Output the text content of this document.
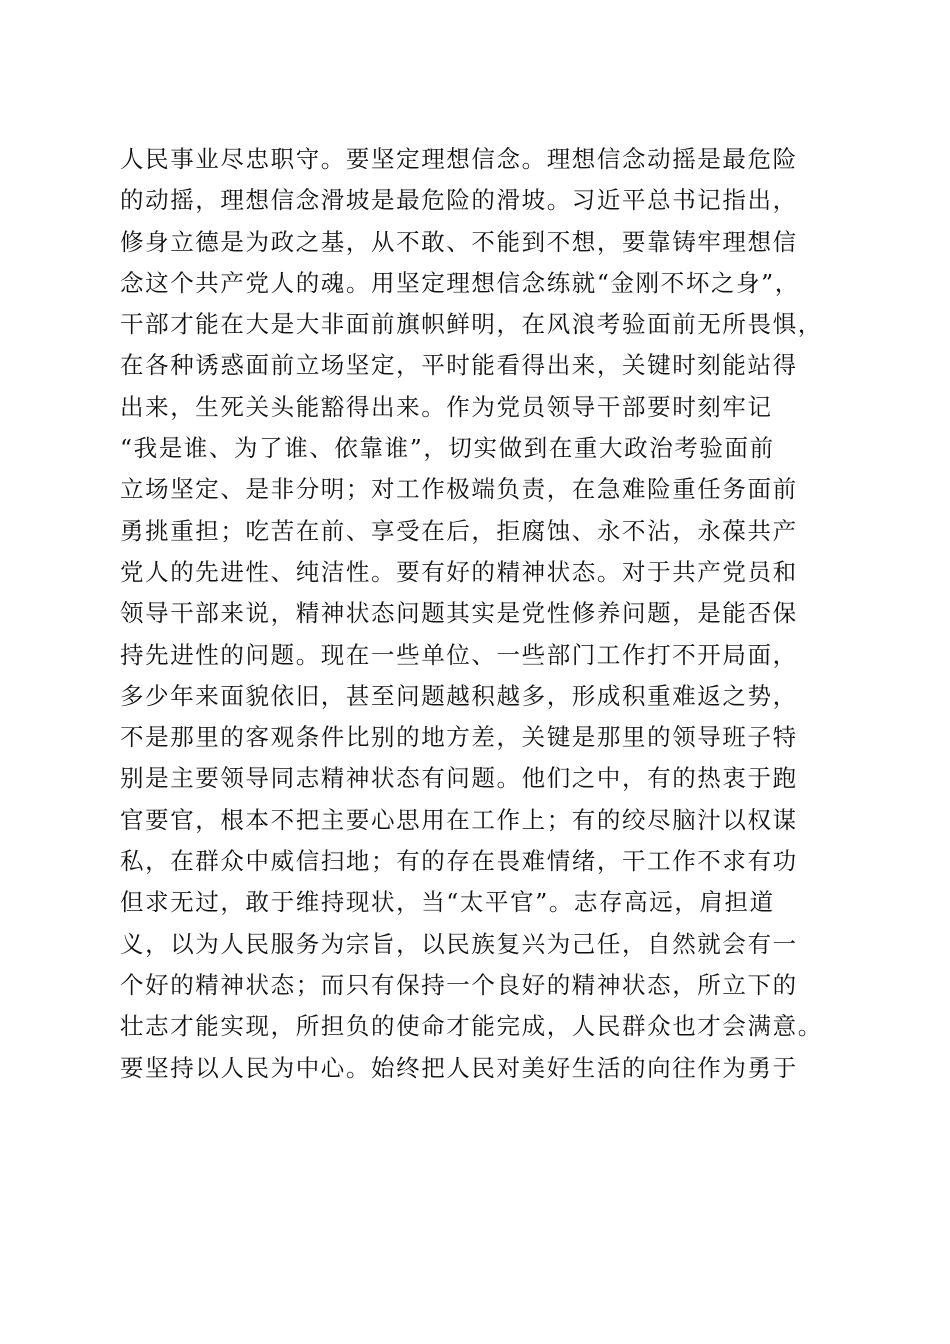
人民事业尽忠职守。要坚定理想信念。理想信念动摇是最危险
的动摇，理想信念滑坡是最危险的滑坡。习近平总书记指出，
修身立德是为政之基，从不敢、不能到不想，要靠铸牢理想信
念这个共产党人的魂。用坚定理想信念练就“金刚不坏之身”，
干部才能在大是大非面前旗帜鲜明，在风浪考验面前无所畏惧，
在各种诱惑面前立场坚定，平时能看得出来，关键时刻能站得
出来，生死关头能豁得出来。作为党员领导干部要时刻牢记
“我是谁、为了谁、依靠谁”，切实做到在重大政治考验面前
立场坚定、是非分明；对工作极端负责，在急难险重任务面前
勇挑重担；吃苦在前、享受在后，拒腐蚀、永不沾，永葆共产
党人的先进性、纯洁性。要有好的精神状态。对于共产党员和
领导干部来说，精神状态问题其实是党性修养问题，是能否保
持先进性的问题。现在一些单位、一些部门工作打不开局面，
多少年来面貌依旧，甚至问题越积越多，形成积重难返之势，
不是那里的客观条件比别的地方差，关键是那里的领导班子特
别是主要领导同志精神状态有问题。他们之中，有的热衷于跑
官要官，根本不把主要心思用在工作上；有的绞尽脑汁以权谋
私，在群众中威信扫地；有的存在畏难情绪，干工作不求有功
但求无过，敢于维持现状，当“太平官”。志存高远，肩担道
义，以为人民服务为宗旨，以民族复兴为己任，自然就会有一
个好的精神状态；而只有保持一个良好的精神状态，所立下的
壮志才能实现，所担负的使命才能完成，人民群众也才会满意。
要坚持以人民为中心。始终把人民对美好生活的向往作为勇于
